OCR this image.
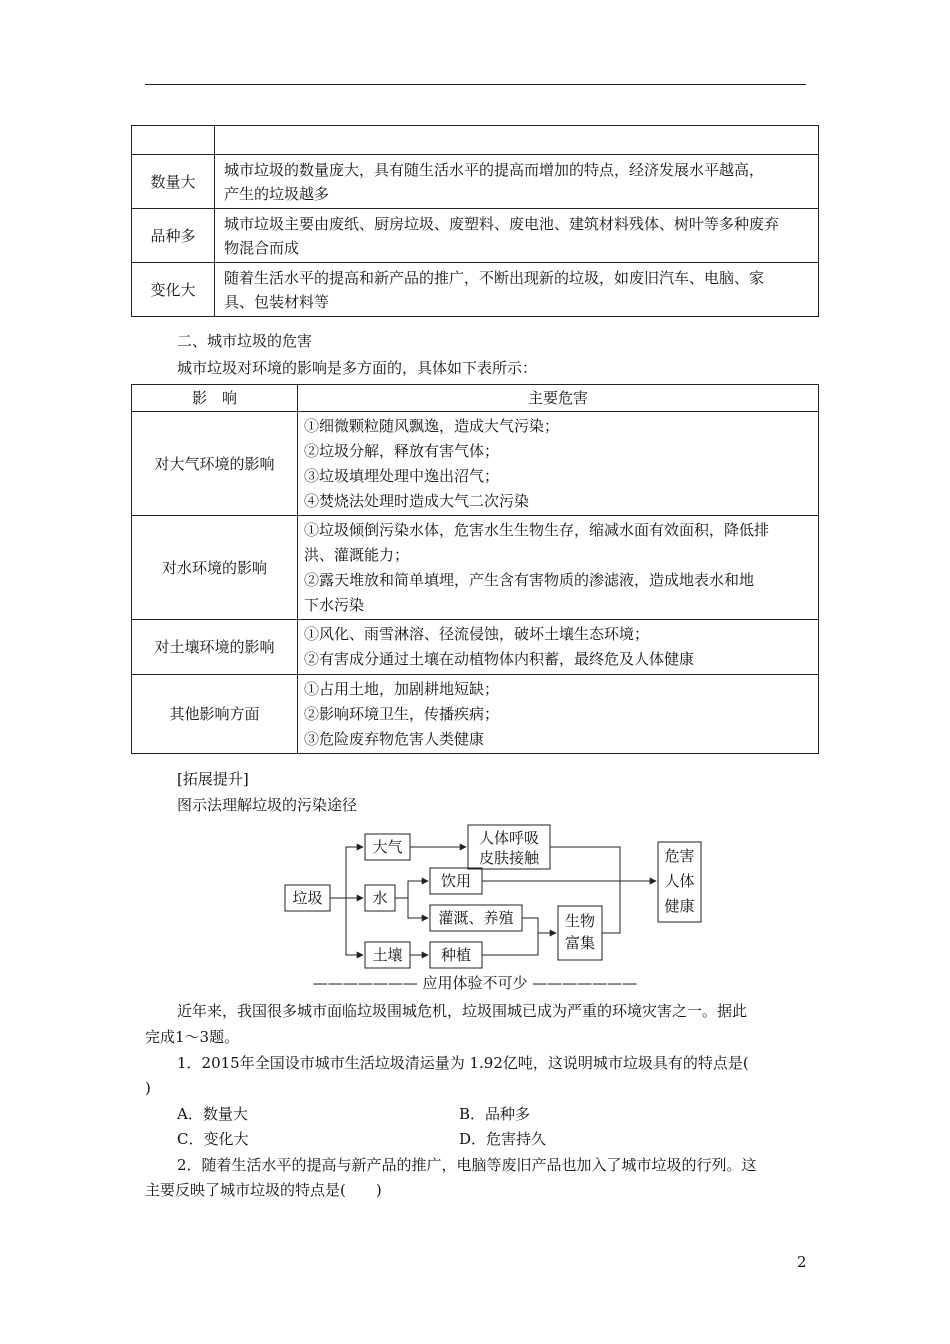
数量大	城市垃圾的数量庞大，具有随生活水平的提高而增加的特点，经济发展水平越高，
产生的垃圾越多

品种多	城市垃圾主要由废纸、厨房垃圾、废塑料、废电池、建筑材料残体、树叶等多种废弃
物混合而成

变化大	随着生活水平的提高和新产品的推广，不断出现新的垃圾，如废旧汽车、电脑、家
具、包装材料等
二、城市垃圾的危害
城市垃圾对环境的影响是多方面的，具体如下表所示：
影　响	主要危害
对大气环境的影响	①细微颗粒随风飘逸，造成大气污染；
②垃圾分解，释放有害气体；
③垃圾填埋处理中逸出沼气；
④焚烧法处理时造成大气二次污染

对水环境的影响	①垃圾倾倒污染水体，危害水生生物生存，缩减水面有效面积，降低排
洪、灌溉能力；
②露天堆放和简单填埋，产生含有害物质的渗滤液，造成地表水和地
下水污染

对土壤环境的影响	①风化、雨雪淋溶、径流侵蚀，破坏土壤生态环境；
②有害成分通过土壤在动植物体内积蓄，最终危及人体健康

其他影响方面	①占用土地，加剧耕地短缺；
②影响环境卫生，传播疾病；
③危险废弃物危害人类健康
[拓展提升]
图示法理解垃圾的污染途径
垃圾
大气
水
土壤
人体呼吸
皮肤接触
饮用
灌溉、养殖
种植
生物
富集
危害
人体
健康
——————— 应用体验不可少 ———————
近年来，我国很多城市面临垃圾围城危机，垃圾围城已成为严重的环境灾害之一。据此
完成1～3题。
1．2015年全国设市城市生活垃圾清运量为 1.92亿吨，这说明城市垃圾具有的特点是(
)
A．数量大	B．品种多
C．变化大	D．危害持久
2．随着生活水平的提高与新产品的推广，电脑等废旧产品也加入了城市垃圾的行列。这
主要反映了城市垃圾的特点是(　　)
2
